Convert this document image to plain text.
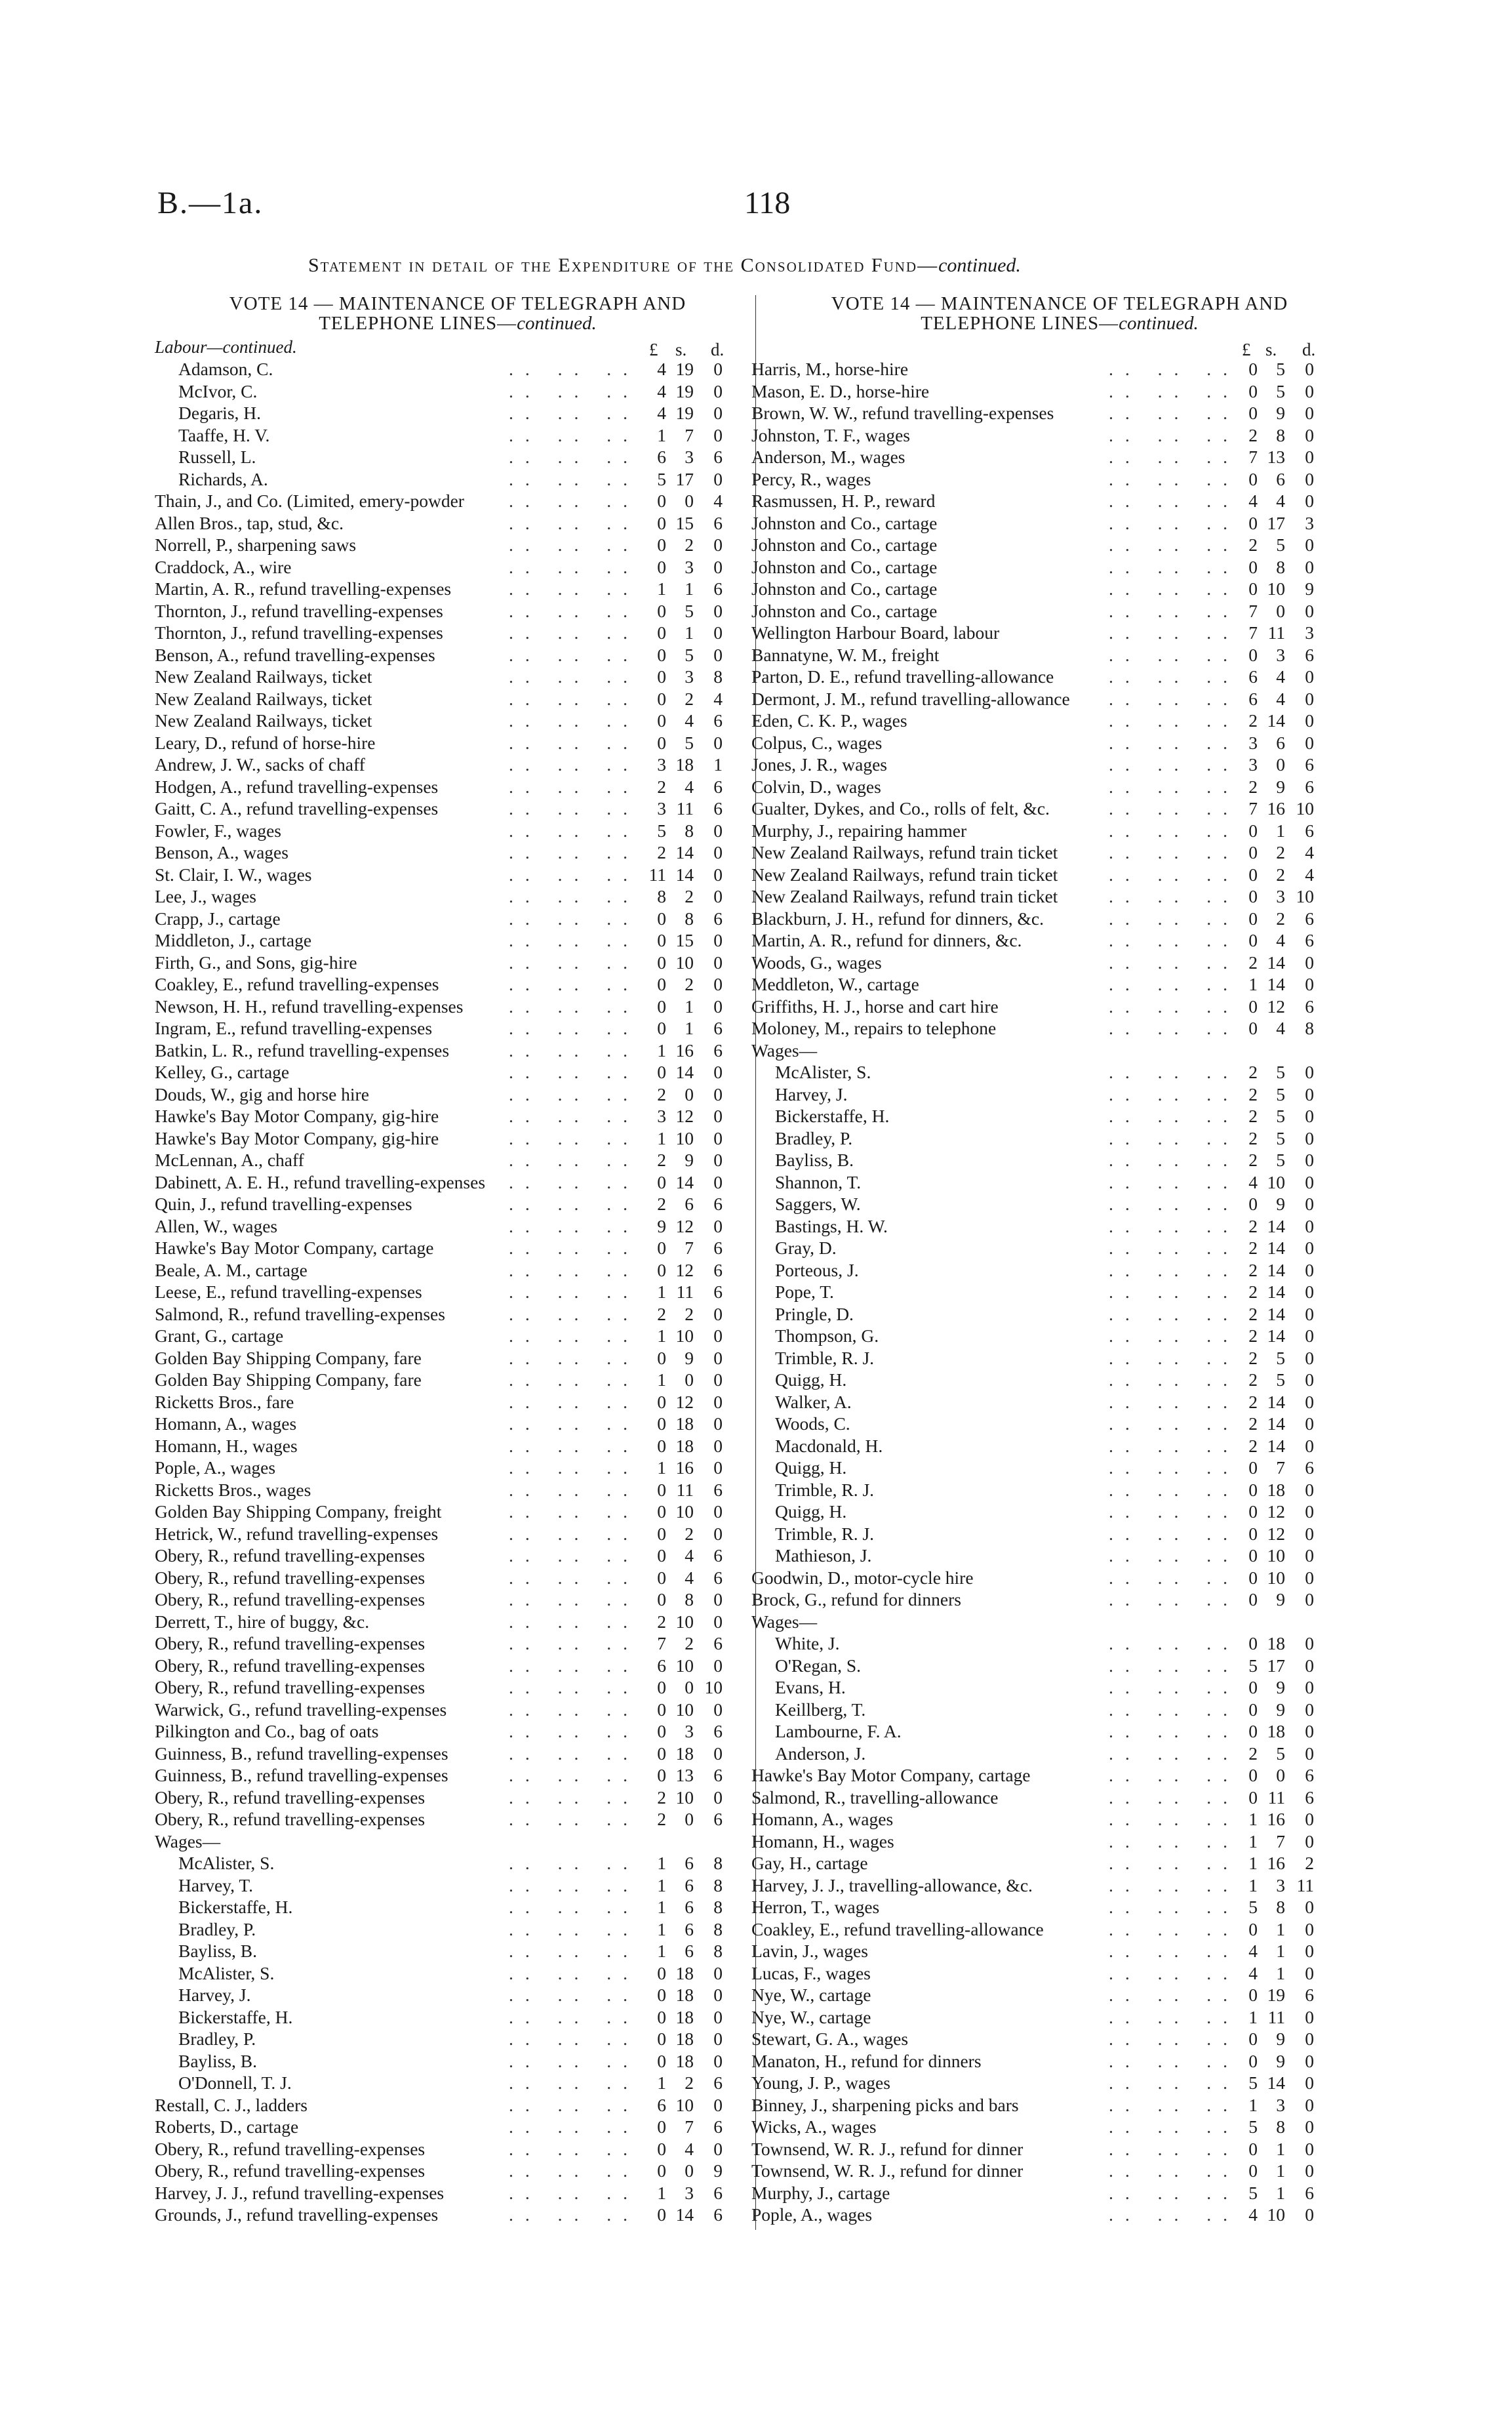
B.—1a.	118
Statement in detail of the Expenditure of the Consolidated Fund—continued.
VOTE 14 — MAINTENANCE OF TELEGRAPH AND
TELEPHONE LINES—continued.
Labour—continued.	£ s. d.
Adamson, C.	.. .. .. 4 19	0
McIvor, C.	.. .. .. 4 19	0
Degaris, H.	.. .. .. 4 19	0
Taaffe, H. V.	.. .. .. 1	7	0
Russell, L.	.. .. .. 6	3	6
Richards, A.	.. .. .. 5 17	0
Thain, J., and Co. (Limited, emery-powder .. .. .. 0	0	4
Allen Bros., tap, stud, &c.	.. .. .. 0 15	6
Norrell, P., sharpening saws	.. .. .. 0	2	0
Craddock, A., wire	.. .. .. 0	3	0
Martin, A. R., refund travelling-expenses	.. .. .. 1	1	6
Thornton, J., refund travelling-expenses	.. .. .. 0	5	0
Thornton, J., refund travelling-expenses	.. .. .. 0	1	0
Benson, A., refund travelling-expenses	.. .. .. 0	5	0
New Zealand Railways, ticket	.. .. .. 0	3	8
New Zealand Railways, ticket	.. .. .. 0	2	4
New Zealand Railways, ticket	.. .. .. 0	4	6
Leary, D., refund of horse-hire	.. .. .. 0	5	0
Andrew, J. W., sacks of chaff	.. .. .. 3 18	1
Hodgen, A., refund travelling-expenses	.. .. .. 2	4	6
Gaitt, C. A., refund travelling-expenses	.. .. .. 3 11	6
Fowler, F., wages	.. .. .. 5	8	0
Benson, A., wages	.. .. .. 2 14	0
St. Clair, I. W., wages	.. .. .. 11 14	0
Lee, J., wages	.. .. .. 8	2	0
Crapp, J., cartage	.. .. .. 0	8	6
Middleton, J., cartage	.. .. .. 0 15	0
Firth, G., and Sons, gig-hire	.. .. .. 0 10	0
Coakley, E., refund travelling-expenses	.. .. .. 0	2	0
Newson, H. H., refund travelling-expenses	.. .. .. 0	1	0
Ingram, E., refund travelling-expenses	.. .. .. 0	1	6
Batkin, L. R., refund travelling-expenses	.. .. .. 1 16	6
Kelley, G., cartage	.. .. .. 0 14	0
Douds, W., gig and horse hire	.. .. .. 2	0	0
Hawke's Bay Motor Company, gig-hire	.. .. .. 3 12	0
Hawke's Bay Motor Company, gig-hire	.. .. .. 1 10	0
McLennan, A., chaff	.. .. .. 2	9	0
Dabinett, A. E. H., refund travelling-expenses .. .. .. 0 14	0
Quin, J., refund travelling-expenses	.. .. .. 2	6	6
Allen, W., wages	.. .. .. 9 12	0
Hawke's Bay Motor Company, cartage	.. .. .. 0	7	6
Beale, A. M., cartage	.. .. .. 0 12	6
Leese, E., refund travelling-expenses	.. .. .. 1 11	6
Salmond, R., refund travelling-expenses	.. .. .. 2	2	0
Grant, G., cartage	.. .. .. 1 10	0
Golden Bay Shipping Company, fare	.. .. .. 0	9	0
Golden Bay Shipping Company, fare	.. .. .. 1	0	0
Ricketts Bros., fare	.. .. .. 0 12	0
Homann, A., wages	.. .. .. 0 18	0
Homann, H., wages	.. .. .. 0 18	0
Pople, A., wages	.. .. .. 1 16	0
Ricketts Bros., wages	.. .. .. 0 11	6
Golden Bay Shipping Company, freight	.. .. .. 0 10	0
Hetrick, W., refund travelling-expenses	.. .. .. 0	2	0
Obery, R., refund travelling-expenses	.. .. .. 0	4	6
Obery, R., refund travelling-expenses	.. .. .. 0	4	6
Obery, R., refund travelling-expenses	.. .. .. 0	8	0
Derrett, T., hire of buggy, &c.	.. .. .. 2 10	0
Obery, R., refund travelling-expenses	.. .. .. 7	2	6
Obery, R., refund travelling-expenses	.. .. .. 6 10	0
Obery, R., refund travelling-expenses	.. .. .. 0	0 10
Warwick, G., refund travelling-expenses	.. .. .. 0 10	0
Pilkington and Co., bag of oats	.. .. .. 0	3	6
Guinness, B., refund travelling-expenses	.. .. .. 0 18	0
Guinness, B., refund travelling-expenses	.. .. .. 0 13	6
Obery, R., refund travelling-expenses	.. .. .. 2 10	0
Obery, R., refund travelling-expenses	.. .. .. 2	0	6
Wages—
McAlister, S.	.. .. .. 1	6	8
Harvey, T.	.. .. .. 1	6	8
Bickerstaffe, H.	.. .. .. 1	6	8
Bradley, P.	.. .. .. 1	6	8
Bayliss, B.	.. .. .. 1	6	8
McAlister, S.	.. .. .. 0 18	0
Harvey, J.	.. .. .. 0 18	0
Bickerstaffe, H.	.. .. .. 0 18	0
Bradley, P.	.. .. .. 0 18	0
Bayliss, B.	.. .. .. 0 18	0
O'Donnell, T. J.	.. .. .. 1	2	6
Restall, C. J., ladders	.. .. .. 6 10	0
Roberts, D., cartage	.. .. .. 0	7	6
Obery, R., refund travelling-expenses	.. .. .. 0	4	0
Obery, R., refund travelling-expenses	.. .. .. 0	0	9
Harvey, J. J., refund travelling-expenses	.. .. .. 1	3	6
Grounds, J., refund travelling-expenses	.. .. .. 0 14	6
VOTE 14 — MAINTENANCE OF TELEGRAPH AND
TELEPHONE LINES—continued.
£ s. d.
Harris, M., horse-hire	.. .. .. 0	5	0
Mason, E. D., horse-hire	.. .. .. 0	5	0
Brown, W. W., refund travelling-expenses	.. .. .. 0	9	0
Johnston, T. F., wages	.. .. .. 2	8	0
Anderson, M., wages	.. .. .. 7 13	0
Percy, R., wages	.. .. .. 0	6	0
Rasmussen, H. P., reward	.. .. .. 4	4	0
Johnston and Co., cartage	.. .. .. 0 17	3
Johnston and Co., cartage	.. .. .. 2	5	0
Johnston and Co., cartage	.. .. .. 0	8	0
Johnston and Co., cartage	.. .. .. 0 10	9
Johnston and Co., cartage	.. .. .. 7	0	0
Wellington Harbour Board, labour	.. .. .. 7 11	3
Bannatyne, W. M., freight	.. .. .. 0	3	6
Parton, D. E., refund travelling-allowance	.. .. .. 6	4	0
Dermont, J. M., refund travelling-allowance .. .. .. 6	4	0
Eden, C. K. P., wages	.. .. .. 2 14	0
Colpus, C., wages	.. .. .. 3	6	0
Jones, J. R., wages	.. .. .. 3	0	6
Colvin, D., wages	.. .. .. 2	9	6
Gualter, Dykes, and Co., rolls of felt, &c.	.. .. .. 7 16 10
Murphy, J., repairing hammer	.. .. .. 0	1	6
New Zealand Railways, refund train ticket	.. .. .. 0	2	4
New Zealand Railways, refund train ticket	.. .. .. 0	2	4
New Zealand Railways, refund train ticket	.. .. .. 0	3 10
Blackburn, J. H., refund for dinners, &c.	.. .. .. 0	2	6
Martin, A. R., refund for dinners, &c.	.. .. .. 0	4	6
Woods, G., wages	.. .. .. 2 14	0
Meddleton, W., cartage	.. .. .. 1 14	0
Griffiths, H. J., horse and cart hire	.. .. .. 0 12	6
Moloney, M., repairs to telephone	.. .. .. 0	4	8
Wages—
McAlister, S.	.. .. .. 2	5	0
Harvey, J.	.. .. .. 2	5	0
Bickerstaffe, H.	.. .. .. 2	5	0
Bradley, P.	.. .. .. 2	5	0
Bayliss, B.	.. .. .. 2	5	0
Shannon, T.	.. .. .. 4 10	0
Saggers, W.	.. .. .. 0	9	0
Bastings, H. W.	.. .. .. 2 14	0
Gray, D.	.. .. .. 2 14	0
Porteous, J.	.. .. .. 2 14	0
Pope, T.	.. .. .. 2 14	0
Pringle, D.	.. .. .. 2 14	0
Thompson, G.	.. .. .. 2 14	0
Trimble, R. J.	.. .. .. 2	5	0
Quigg, H.	.. .. .. 2	5	0
Walker, A.	.. .. .. 2 14	0
Woods, C.	.. .. .. 2 14	0
Macdonald, H.	.. .. .. 2 14	0
Quigg, H.	.. .. .. 0	7	6
Trimble, R. J.	.. .. .. 0 18	0
Quigg, H.	.. .. .. 0 12	0
Trimble, R. J.	.. .. .. 0 12	0
Mathieson, J.	.. .. .. 0 10	0
Goodwin, D., motor-cycle hire	.. .. .. 0 10	0
Brock, G., refund for dinners	.. .. .. 0	9	0
Wages—
White, J.	.. .. .. 0 18	0
O'Regan, S.	.. .. .. 5 17	0
Evans, H.	.. .. .. 0	9	0
Keillberg, T.	.. .. .. 0	9	0
Lambourne, F. A.	.. .. .. 0 18	0
Anderson, J.	.. .. .. 2	5	0
Hawke's Bay Motor Company, cartage	.. .. .. 0	0	6
Salmond, R., travelling-allowance	.. .. .. 0 11	6
Homann, A., wages	.. .. .. 1 16	0
Homann, H., wages	.. .. .. 1	7	0
Gay, H., cartage	.. .. .. 1 16	2
Harvey, J. J., travelling-allowance, &c.	.. .. .. 1	3 11
Herron, T., wages	.. .. .. 5	8	0
Coakley, E., refund travelling-allowance	.. .. .. 0	1	0
Lavin, J., wages	.. .. .. 4	1	0
Lucas, F., wages	.. .. .. 4	1	0
Nye, W., cartage	.. .. .. 0 19	6
Nye, W., cartage	.. .. .. 1 11	0
Stewart, G. A., wages	.. .. .. 0	9	0
Manaton, H., refund for dinners	.. .. .. 0	9	0
Young, J. P., wages	.. .. .. 5 14	0
Binney, J., sharpening picks and bars	.. .. .. 1	3	0
Wicks, A., wages	.. .. .. 5	8	0
Townsend, W. R. J., refund for dinner	.. .. .. 0	1	0
Townsend, W. R. J., refund for dinner	.. .. .. 0	1	0
Murphy, J., cartage	.. .. .. 5	1	6
Pople, A., wages	.. .. .. 4 10	0
